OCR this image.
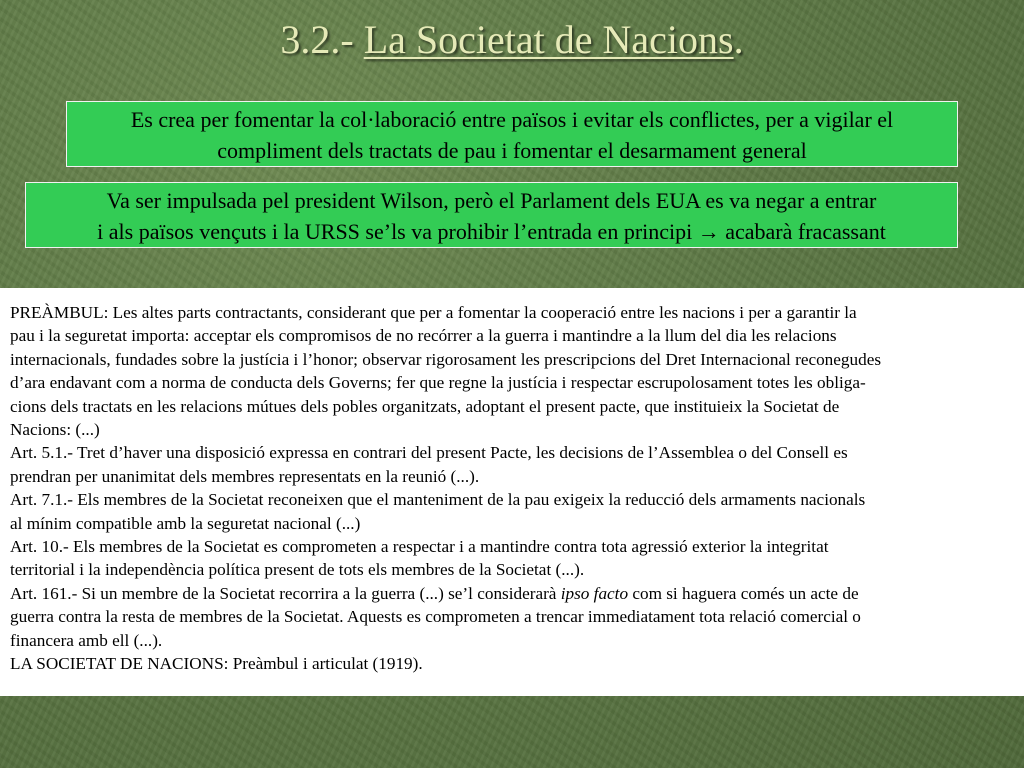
3.2.- La Societat de Nacions.
Es crea per fomentar la col·laboració entre països i evitar els conflictes, per a vigilar el
compliment dels tractats de pau i fomentar el desarmament general
Va ser impulsada pel president Wilson, però el Parlament dels EUA es va negar a entrar
i als països vençuts i la URSS se’ls va prohibir l’entrada en principi → acabarà fracassant
PREÀMBUL: Les altes parts contractants, considerant que per a fomentar la cooperació entre les nacions i per a garantir la
pau i la seguretat importa: acceptar els compromisos de no recórrer a la guerra i mantindre a la llum del dia les relacions
internacionals, fundades sobre la justícia i l’honor; observar rigorosament les prescripcions del Dret Internacional reconegudes
d’ara endavant com a norma de conducta dels Governs; fer que regne la justícia i respectar escrupolosament totes les obliga-
cions dels tractats en les relacions mútues dels pobles organitzats, adoptant el present pacte, que instituieix la Societat de
Nacions: (...)
Art. 5.1.- Tret d’haver una disposició expressa en contrari del present Pacte, les decisions de l’Assemblea o del Consell es
prendran per unanimitat dels membres representats en la reunió (...).
Art. 7.1.- Els membres de la Societat reconeixen que el manteniment de la pau exigeix la reducció dels armaments nacionals
al mínim compatible amb la seguretat nacional (...)
Art. 10.- Els membres de la Societat es comprometen a respectar i a mantindre contra tota agressió exterior la integritat
territorial i la independència política present de tots els membres de la Societat (...).
Art. 161.- Si un membre de la Societat recorrira a la guerra (...) se’l considerarà ipso facto com si haguera comés un acte de
guerra contra la resta de membres de la Societat. Aquests es comprometen a trencar immediatament tota relació comercial o
financera amb ell (...).
LA SOCIETAT DE NACIONS: Preàmbul i articulat (1919).
